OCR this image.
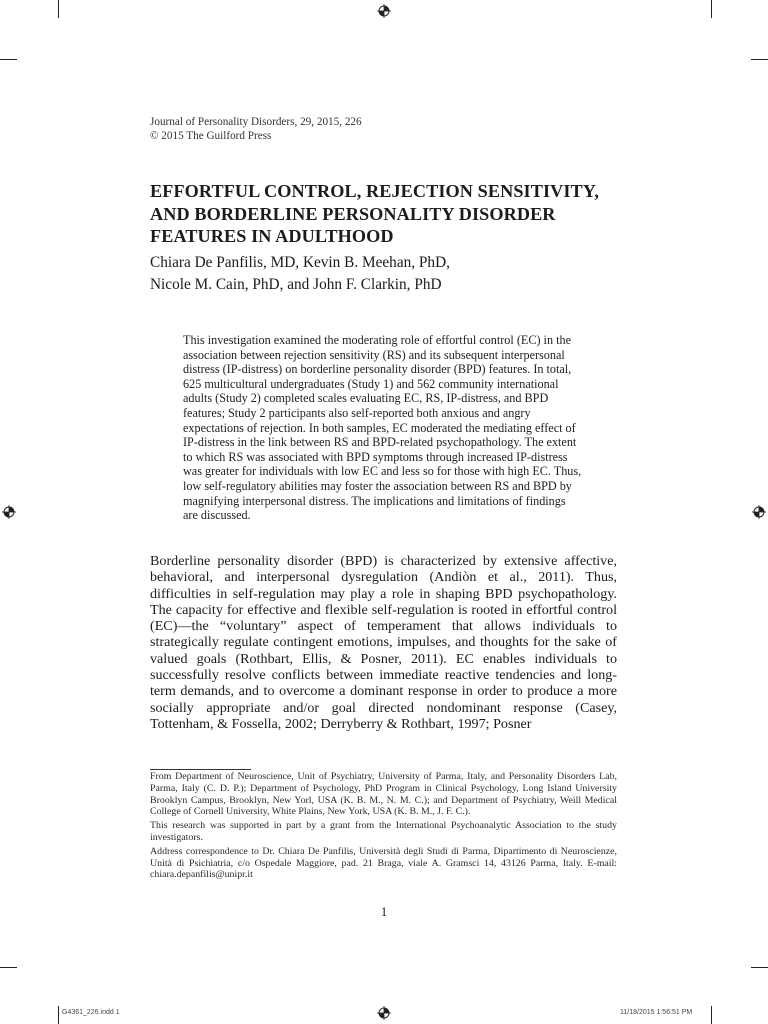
Journal of Personality Disorders, 29, 2015, 226
© 2015 The Guilford Press
EFFORTFUL CONTROL, REJECTION SENSITIVITY, AND BORDERLINE PERSONALITY DISORDER FEATURES IN ADULTHOOD
Chiara De Panfilis, MD, Kevin B. Meehan, PhD,
Nicole M. Cain, PhD, and John F. Clarkin, PhD
This investigation examined the moderating role of effortful control (EC) in the association between rejection sensitivity (RS) and its subsequent interpersonal distress (IP-distress) on borderline personality disorder (BPD) features. In total, 625 multicultural undergraduates (Study 1) and 562 community international adults (Study 2) completed scales evaluating EC, RS, IP-distress, and BPD features; Study 2 participants also self-reported both anxious and angry expectations of rejection. In both samples, EC moderated the mediating effect of IP-distress in the link between RS and BPD-related psychopathology. The extent to which RS was associated with BPD symptoms through increased IP-distress was greater for individuals with low EC and less so for those with high EC. Thus, low self-regulatory abilities may foster the association between RS and BPD by magnifying interpersonal distress. The implications and limitations of findings are discussed.
Borderline personality disorder (BPD) is characterized by extensive affective, behavioral, and interpersonal dysregulation (Andiòn et al., 2011). Thus, difficulties in self-regulation may play a role in shaping BPD psychopathology. The capacity for effective and flexible self-regulation is rooted in effortful control (EC)—the “voluntary” aspect of temperament that allows individuals to strategically regulate contingent emotions, impulses, and thoughts for the sake of valued goals (Rothbart, Ellis, & Posner, 2011). EC enables individuals to successfully resolve conflicts between immediate reactive tendencies and long-term demands, and to overcome a dominant response in order to produce a more socially appropriate and/or goal directed nondominant response (Casey, Tottenham, & Fossella, 2002; Derryberry & Rothbart, 1997; Posner

From Department of Neuroscience, Unit of Psychiatry, University of Parma, Italy, and Personality Disorders Lab, Parma, Italy (C. D. P.); Department of Psychology, PhD Program in Clinical Psychology, Long Island University Brooklyn Campus, Brooklyn, New Yorl, USA (K. B. M., N. M. C.); and Department of Psychiatry, Weill Medical College of Cornell University, White Plains, New York, USA (K. B. M., J. F. C.).

This research was supported in part by a grant from the International Psychoanalytic Association to the study investigators.

Address correspondence to Dr. Chiara De Panfilis, Università degli Studi di Parma, Dipartimento di Neuroscienze, Unità di Psichiatria, c/o Ospedale Maggiore, pad. 21 Braga, viale A. Gramsci 14, 43126 Parma, Italy. E-mail: chiara.depanfilis@unipr.it

1
G4361_226.indd 1	11/18/2015 1:56:51 PM
